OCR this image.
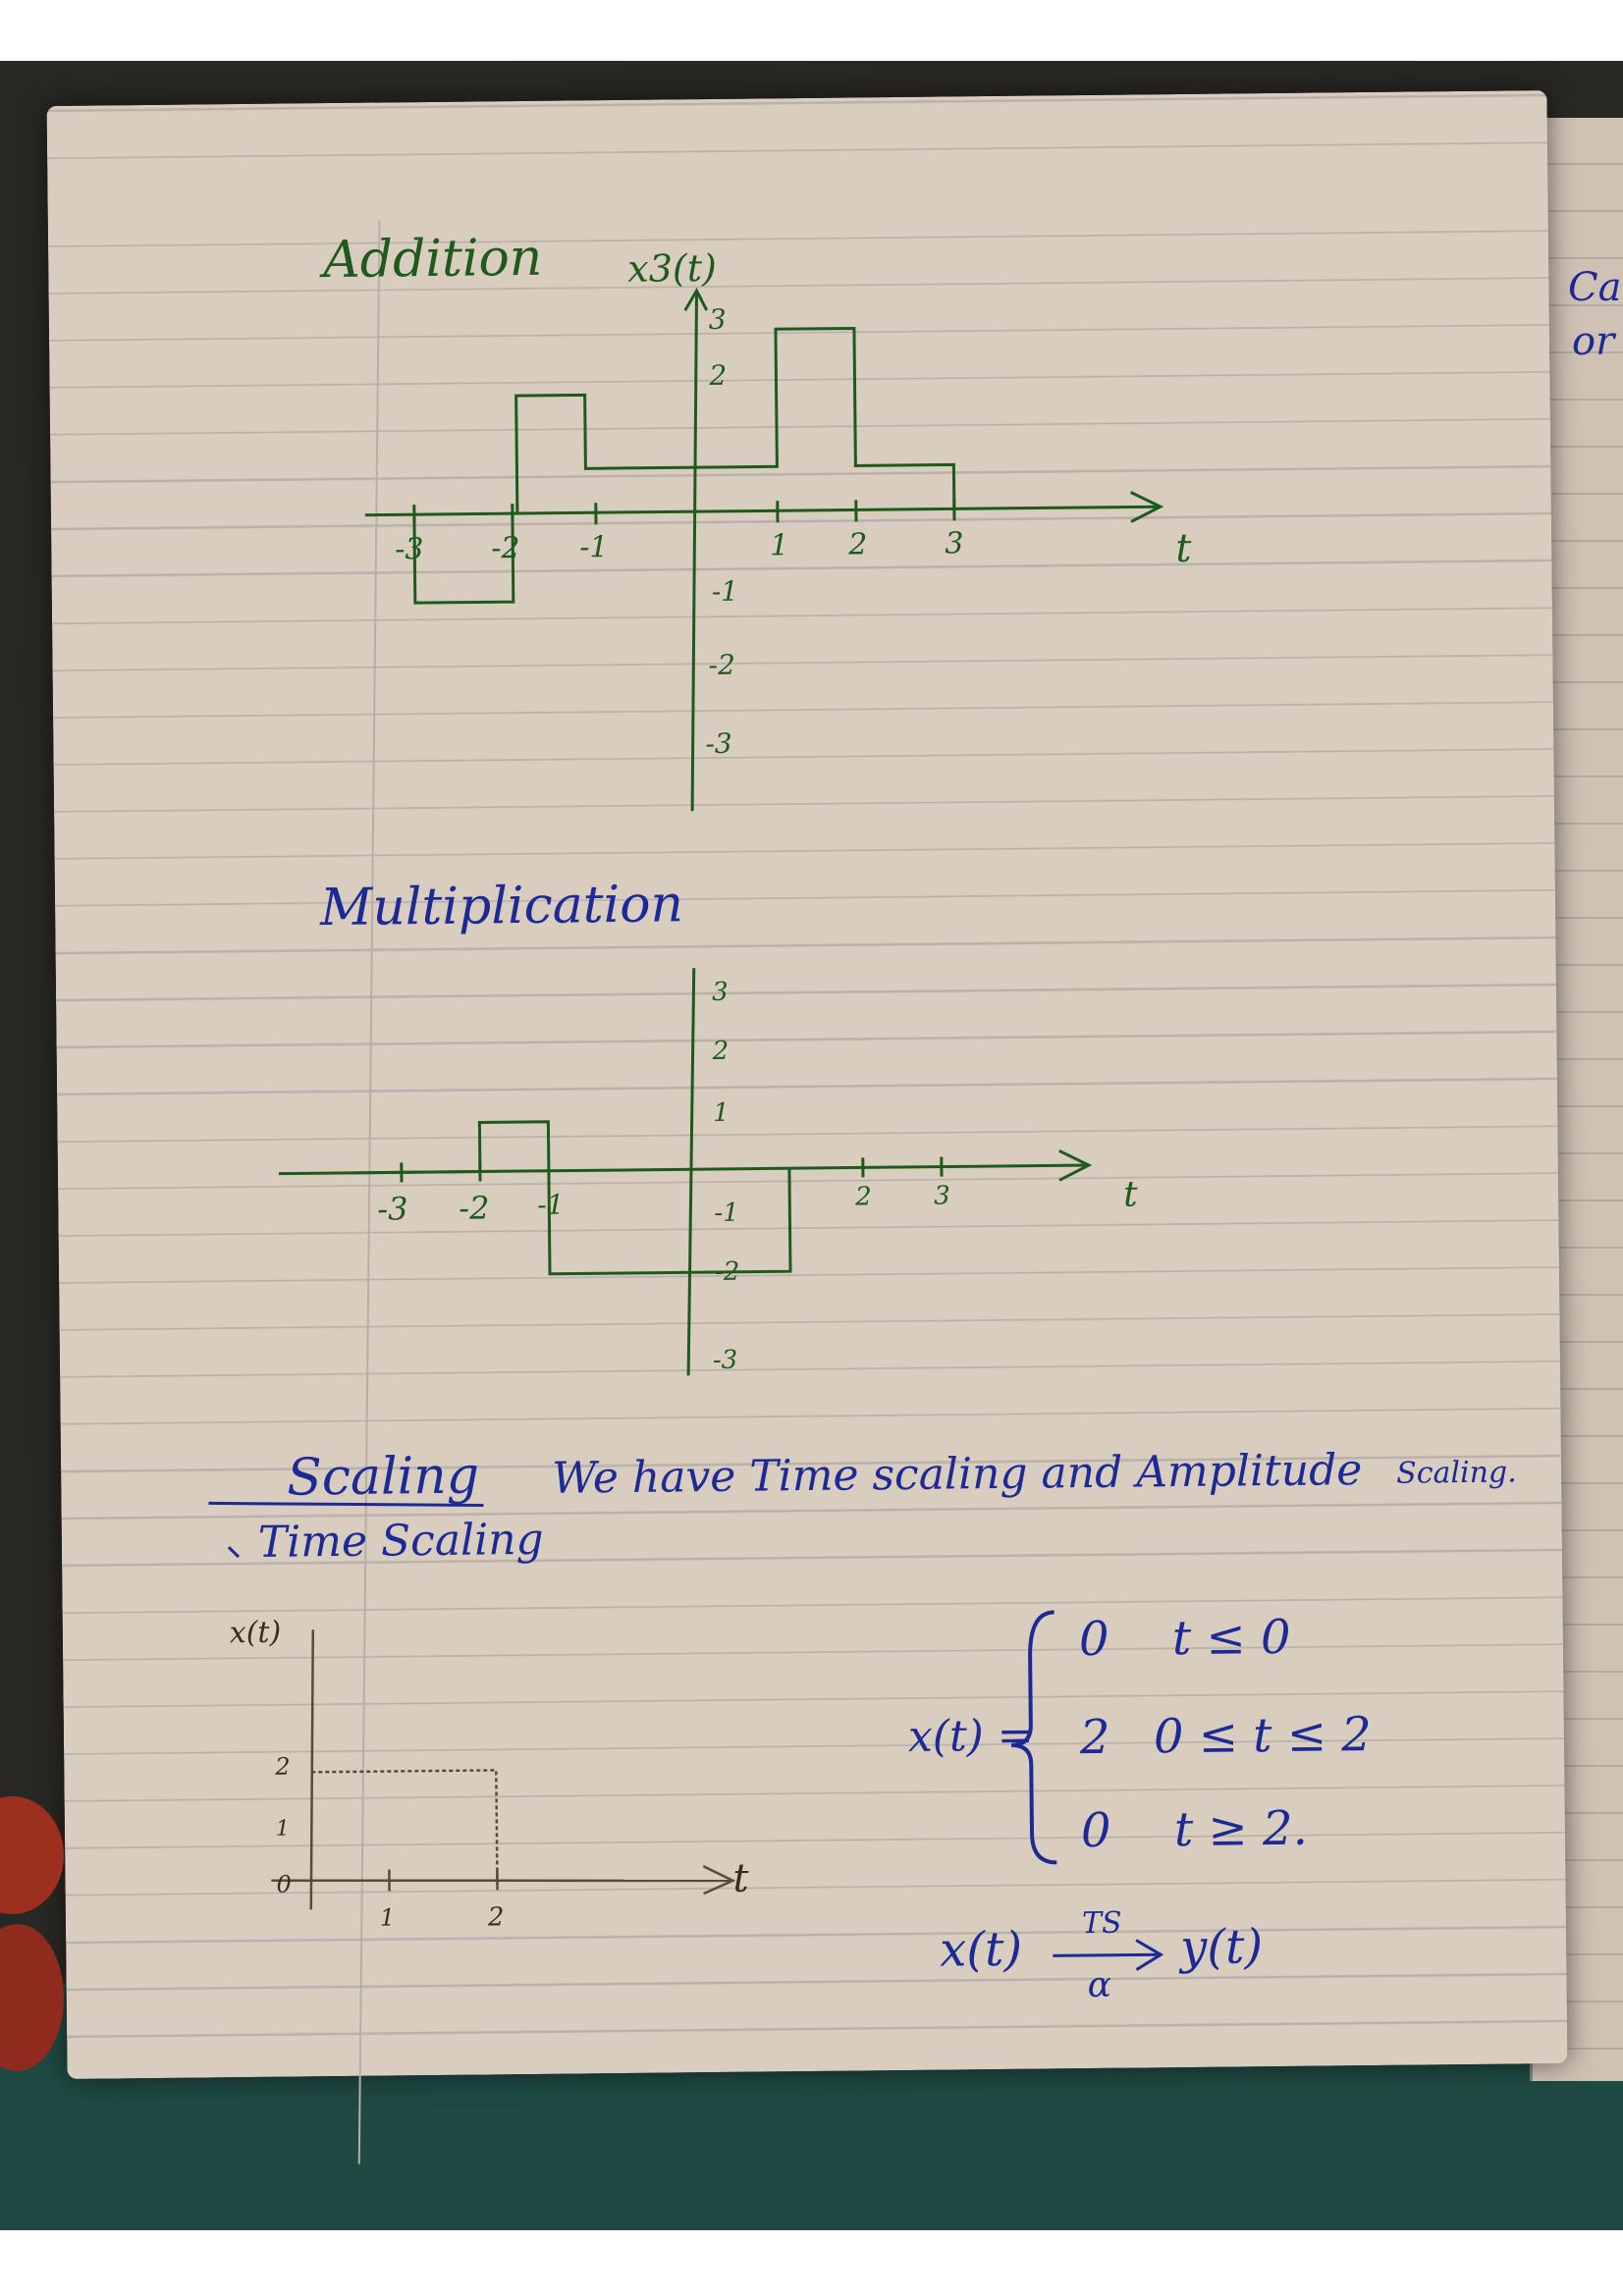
Ca
or
Addition x3(t)
-3 -2 -1	1 2	3	t
3
2
-1
-2
-3
Multiplication
-3 -2 -1	2 3	t
3
2
1
-1
-2
-3
Scaling.
Scaling We have Time scaling and Amplitude
Time Scaling
x(t)
0
1	2
2
1
t
x(t) =
0 t ≤ 0
2 0 ≤ t ≤ 2
0 t ≥ 2.
x(t) TS
α
y(t)
